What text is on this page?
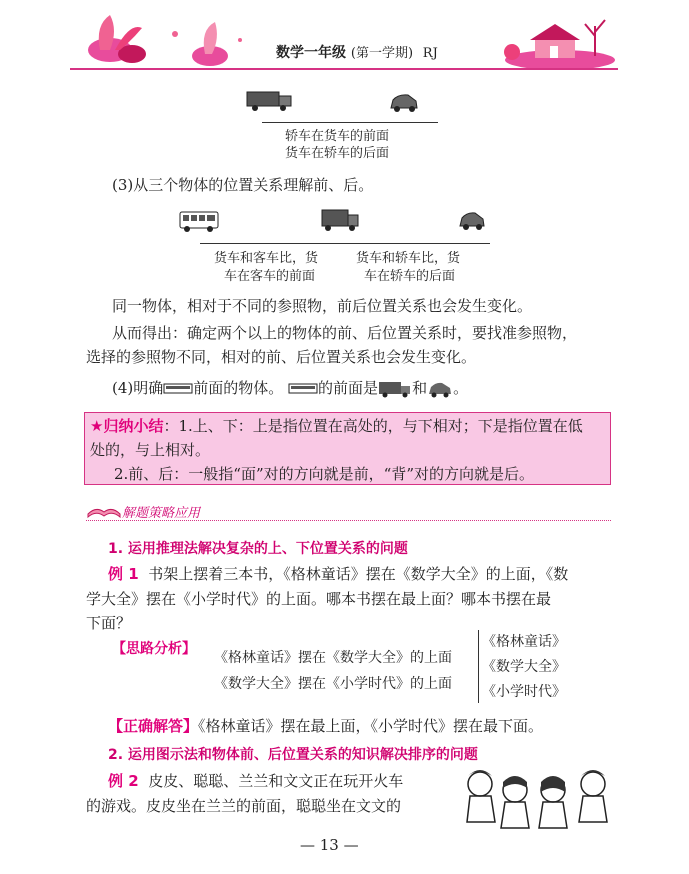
数学一年级 (第一学期) RJ
轿车在货车的前面
货车在轿车的后面
(3)从三个物体的位置关系理解前、后。
货车和客车比，货
车在客车的前面
货车和轿车比，货
车在轿车的后面
同一物体，相对于不同的参照物，前后位置关系也会发生变化。
从而得出：确定两个以上的物体的前、后位置关系时，要找准参照物，
选择的参照物不同，相对的前、后位置关系也会发生变化。
(4)明确 前面的物体。 的前面是 和 。
★归纳小结：1.上、下：上是指位置在高处的，与下相对；下是指位置在低
处的，与上相对。
2.前、后：一般指“面”对的方向就是前，“背”对的方向就是后。
解题策略应用
1. 运用推理法解决复杂的上、下位置关系的问题
例 1 书架上摆着三本书，《格林童话》摆在《数学大全》的上面，《数
学大全》摆在《小学时代》的上面。哪本书摆在最上面？哪本书摆在最
下面？
【思路分析】
《格林童话》摆在《数学大全》的上面
《数学大全》摆在《小学时代》的上面
《格林童话》
《数学大全》
《小学时代》
【正确解答】《格林童话》摆在最上面，《小学时代》摆在最下面。
2. 运用图示法和物体前、后位置关系的知识解决排序的问题
例 2 皮皮、聪聪、兰兰和文文正在玩开火车
的游戏。皮皮坐在兰兰的前面，聪聪坐在文文的
— 13 —
